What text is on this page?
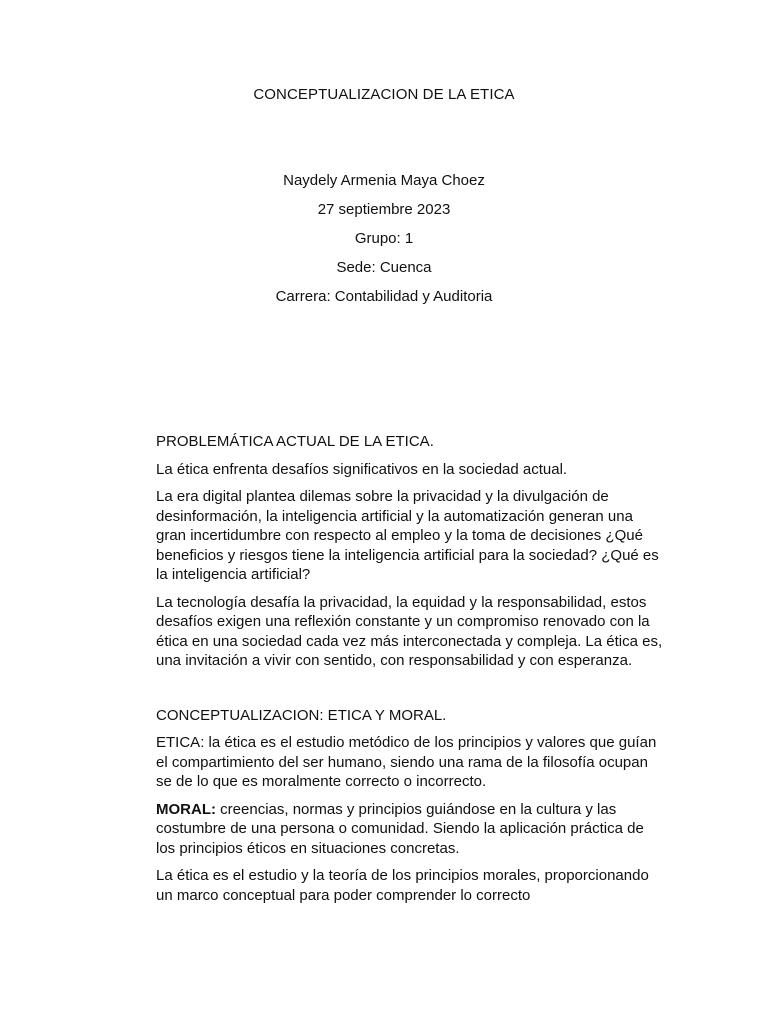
CONCEPTUALIZACION DE LA ETICA
Naydely Armenia Maya Choez
27 septiembre 2023
Grupo: 1
Sede: Cuenca
Carrera: Contabilidad y Auditoria
PROBLEMÁTICA ACTUAL DE LA ETICA.

La ética enfrenta desafíos significativos en la sociedad actual.

La era digital plantea dilemas sobre la privacidad y la divulgación de desinformación, la inteligencia artificial y la automatización generan una gran incertidumbre con respecto al empleo y la toma de decisiones ¿Qué beneficios y riesgos tiene la inteligencia artificial para la sociedad? ¿Qué es la inteligencia artificial?

La tecnología desafía la privacidad, la equidad y la responsabilidad, estos desafíos exigen una reflexión constante y un compromiso renovado con la ética en una sociedad cada vez más interconectada y compleja. La ética es, una invitación a vivir con sentido, con responsabilidad y con esperanza.

CONCEPTUALIZACION: ETICA Y MORAL.

ETICA: la ética es el estudio metódico de los principios y valores que guían el compartimiento del ser humano, siendo una rama de la filosofía ocupan se de lo que es moralmente correcto o incorrecto.

MORAL: creencias, normas y principios guiándose en la cultura y las costumbre de una persona o comunidad. Siendo la aplicación práctica de los principios éticos en situaciones concretas.

La ética es el estudio y la teoría de los principios morales, proporcionando un marco conceptual para poder comprender lo correcto
